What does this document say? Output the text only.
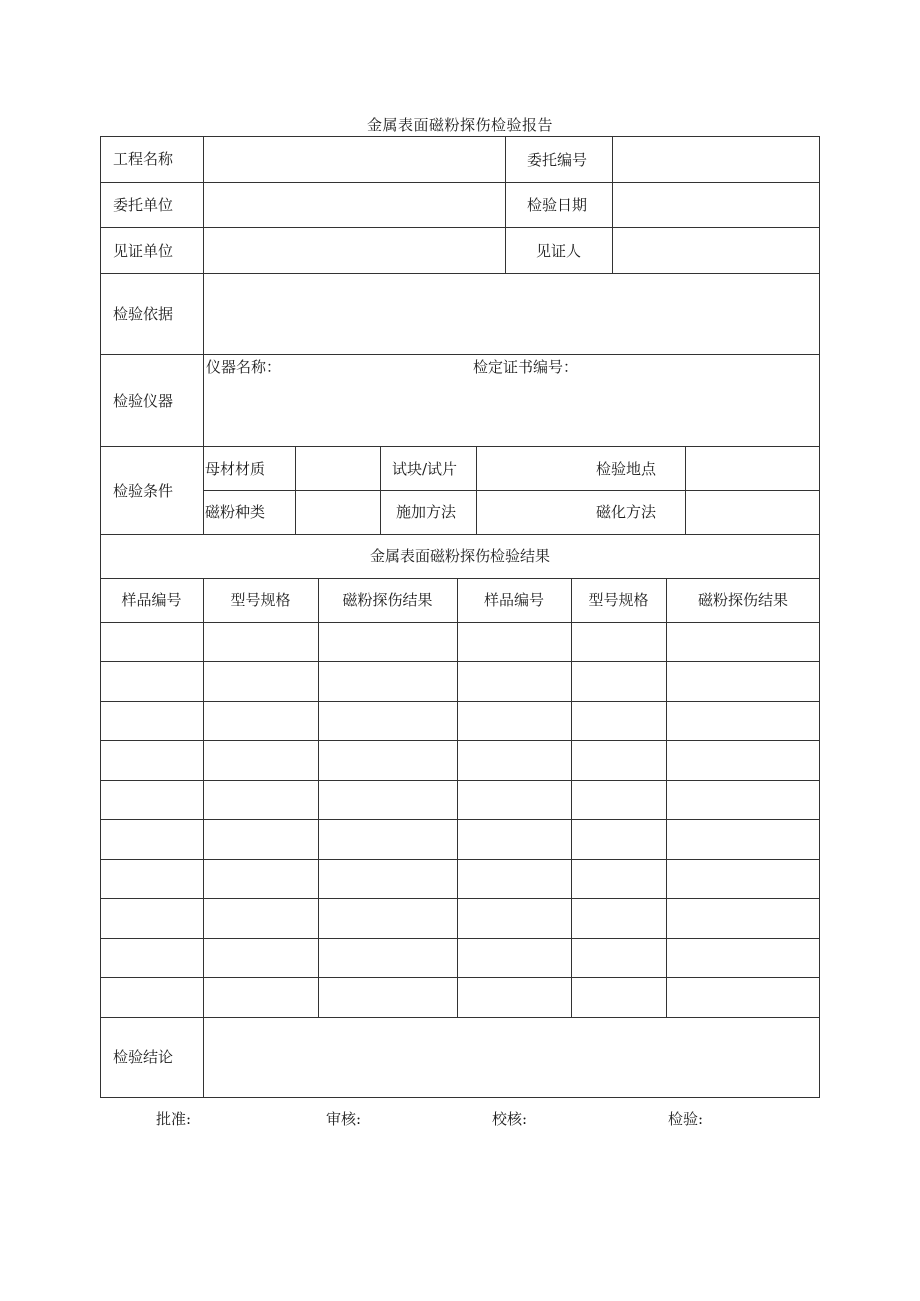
金属表面磁粉探伤检验报告
工程名称	委托编号
委托单位	检验日期
见证单位	见证人
检验依据
检验仪器
仪器名称：	检定证书编号：
检验条件
母材材质	试块/试片	检验地点
磁粉种类	施加方法	磁化方法
金属表面磁粉探伤检验结果
样品编号	型号规格	磁粉探伤结果	样品编号	型号规格	磁粉探伤结果
检验结论
批准:	审核:	校核:	检验:
